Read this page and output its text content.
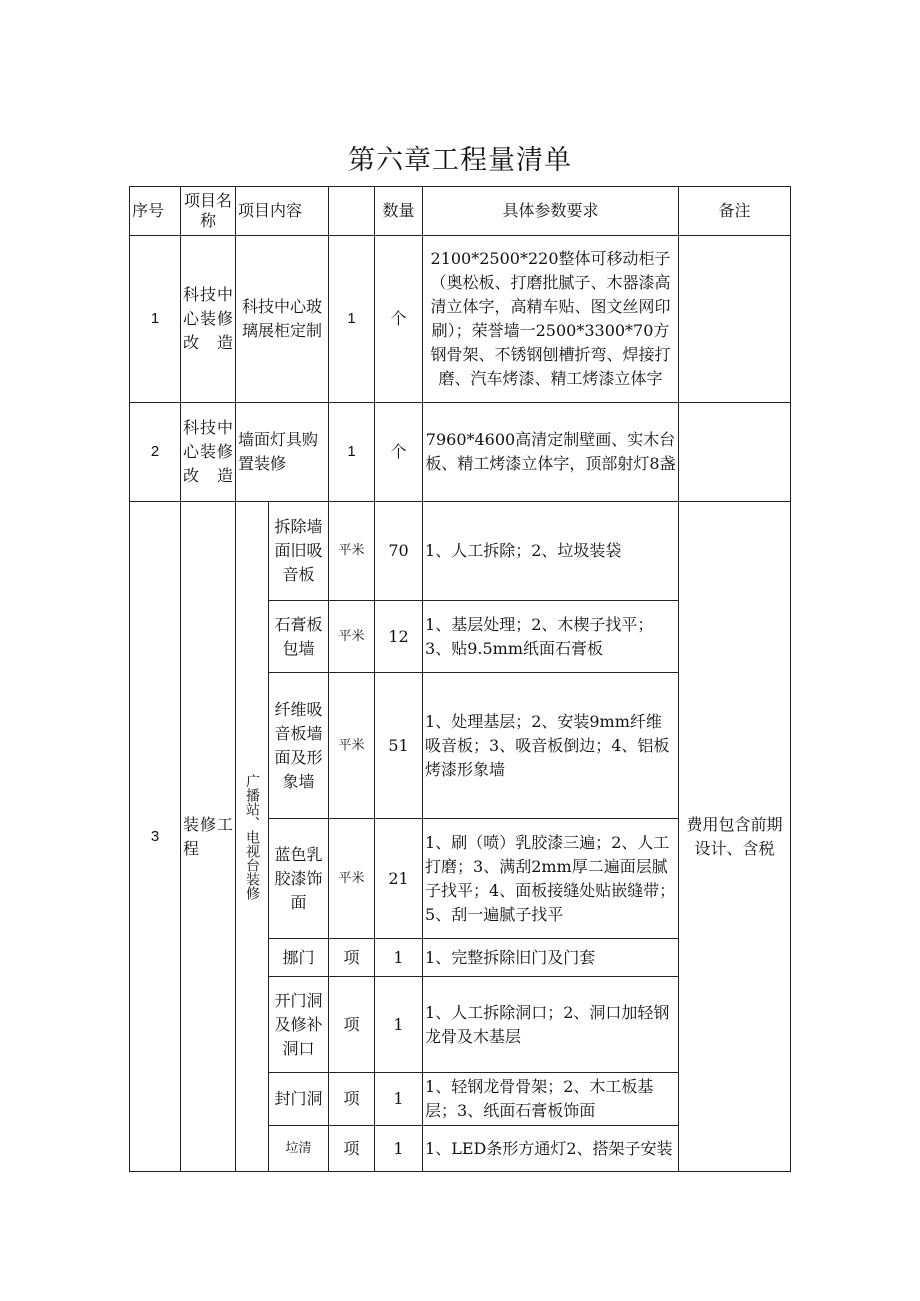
第六章工程量清单
序号	项目名称	项目内容			数量	具体参数要求	备注
1	科技中心装修改造	科技中心玻璃展柜定制		1	个	2100*2500*220整体可移动柜子（奥松板、打磨批腻子、木器漆高清立体字，高精车贴、图文丝网印刷）；荣誉墙一2500*3300*70方钢骨架、不锈钢刨槽折弯、焊接打磨、汽车烤漆、精工烤漆立体字	
2	科技中心装修改造	墙面灯具购置装修		1	个	7960*4600高清定制壁画、实木台板、精工烤漆立体字，顶部射灯8盏	
3	装修工程	广播站、电视台装修	拆除墙面旧吸音板	平米	70	1、人工拆除；2、垃圾装袋	费用包含前期设计、含税
			石膏板包墙	平米	12	1、基层处理；2、木楔子找平；3、贴9.5mm纸面石膏板	
			纤维吸音板墙面及形象墙	平米	51	1、处理基层；2、安装9mm纤维吸音板；3、吸音板倒边；4、铝板烤漆形象墙	
			蓝色乳胶漆饰面	平米	21	1、刷（喷）乳胶漆三遍；2、人工打磨；3、满刮2mm厚二遍面层腻子找平；4、面板接缝处贴嵌缝带；5、刮一遍腻子找平	
			挪门	项	1	1、完整拆除旧门及门套	
			开门洞及修补洞口	项	1	1、人工拆除洞口；2、洞口加轻钢龙骨及木基层	
			封门洞	项	1	1、轻钢龙骨骨架；2、木工板基层；3、纸面石膏板饰面	
			垃清	项	1	1、LED条形方通灯2、搭架子安装	
